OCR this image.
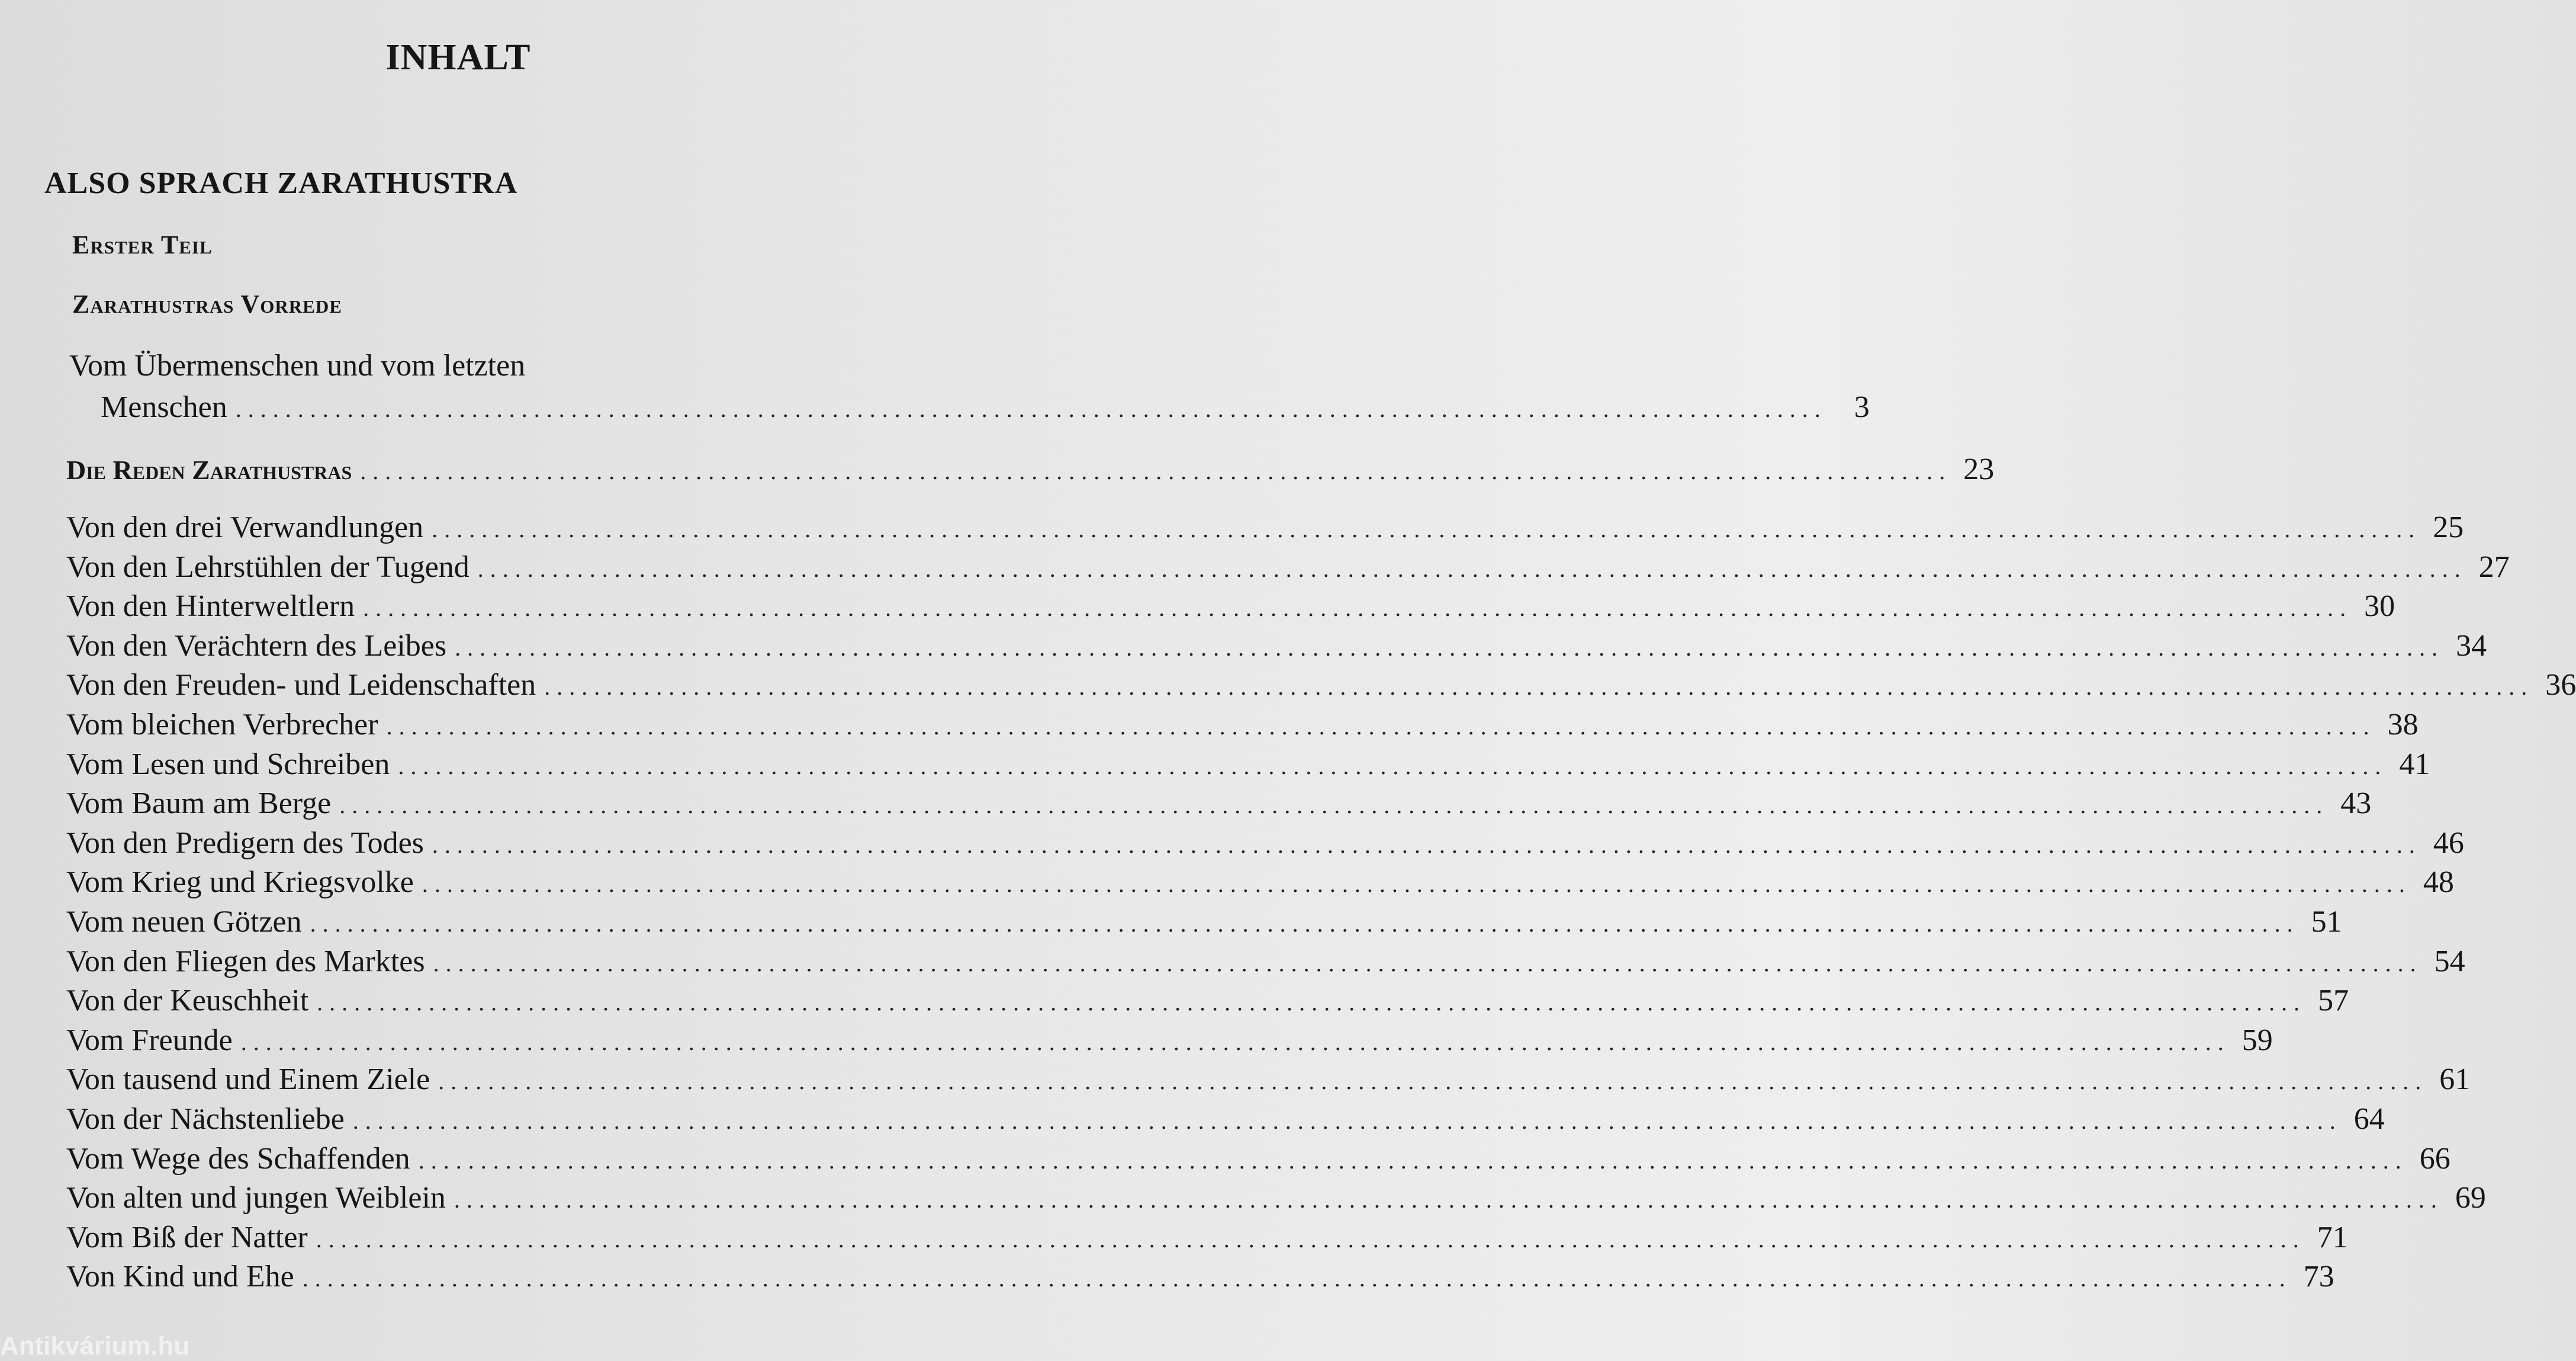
INHALT
ALSO SPRACH ZARATHUSTRA
Erster Teil
Zarathustras Vorrede
Vom Übermenschen und vom letzten
Menschen ................................................................................................................................ 3
Die Reden Zarathustras ................................................................................................................................ 23
Von den drei Verwandlungen ................................................................................................................................................................ 25
Von den Lehrstühlen der Tugend ................................................................................................................................................................ 27
Von den Hinterweltlern ................................................................................................................................................................ 30
Von den Verächtern des Leibes ................................................................................................................................................................ 34
Von den Freuden- und Leidenschaften ................................................................................................................................................................ 36
Vom bleichen Verbrecher ................................................................................................................................................................ 38
Vom Lesen und Schreiben ................................................................................................................................................................ 41
Vom Baum am Berge ................................................................................................................................................................ 43
Von den Predigern des Todes ................................................................................................................................................................ 46
Vom Krieg und Kriegsvolke ................................................................................................................................................................ 48
Vom neuen Götzen ................................................................................................................................................................ 51
Von den Fliegen des Marktes ................................................................................................................................................................ 54
Von der Keuschheit ................................................................................................................................................................ 57
Vom Freunde ................................................................................................................................................................ 59
Von tausend und Einem Ziele ................................................................................................................................................................ 61
Von der Nächstenliebe ................................................................................................................................................................ 64
Vom Wege des Schaffenden ................................................................................................................................................................ 66
Von alten und jungen Weiblein ................................................................................................................................................................ 69
Vom Biß der Natter ................................................................................................................................................................ 71
Von Kind und Ehe ................................................................................................................................................................ 73
Antikvárium.hu
